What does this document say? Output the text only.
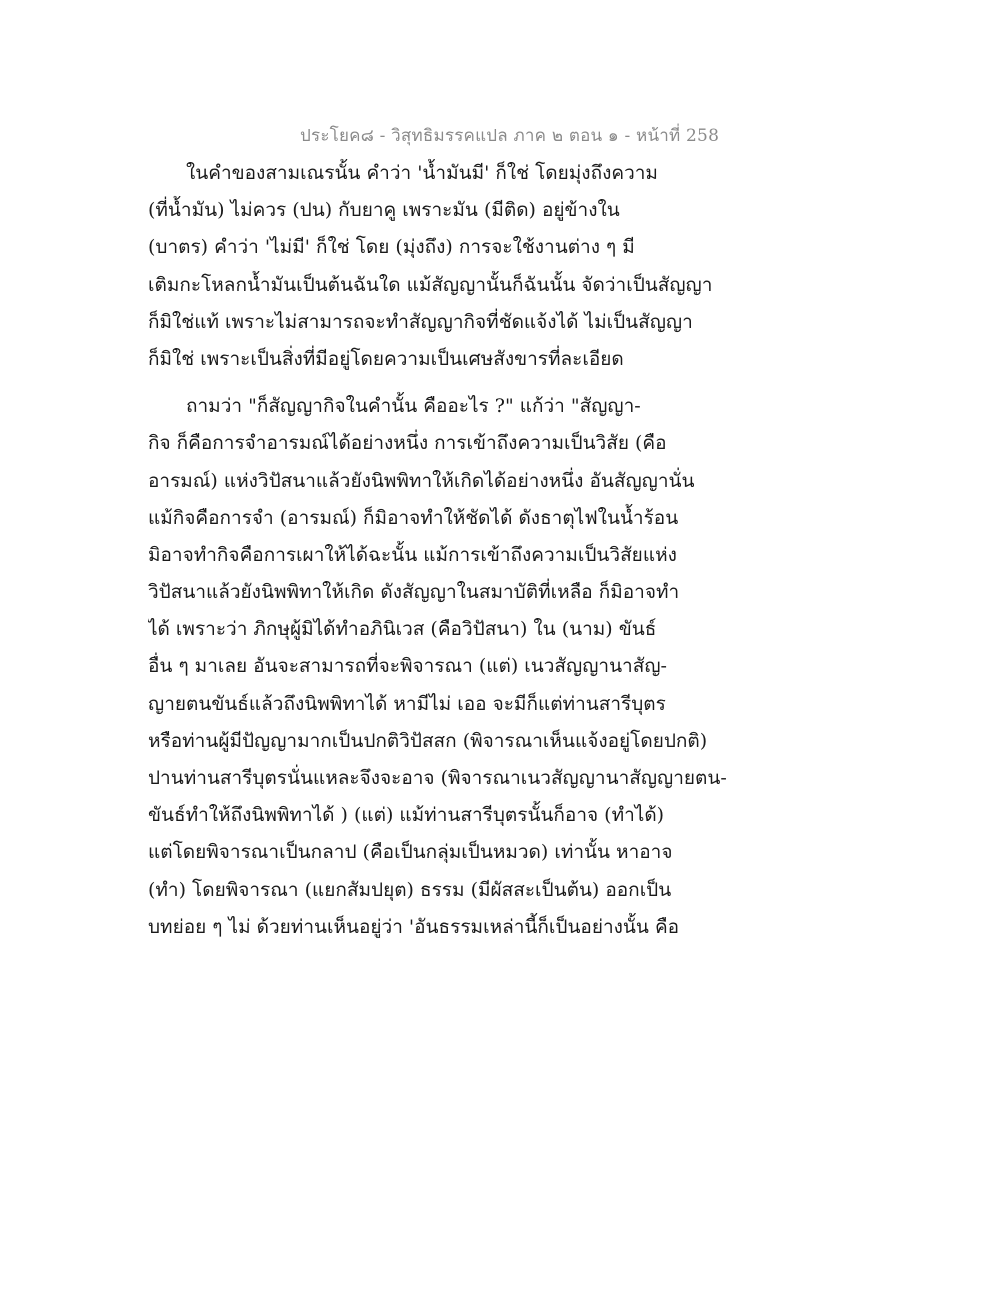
ประโยค๘ - วิสุทธิมรรคแปล ภาค ๒ ตอน ๑ - หน้าที่ 258
ในคำของสามเณรนั้น คำว่า 'น้ำมันมี' ก็ใช่ โดยมุ่งถึงความ
(ที่น้ำมัน) ไม่ควร (ปน) กับยาคู เพราะมัน (มีติด) อยู่ข้างใน
(บาตร) คำว่า 'ไม่มี' ก็ใช่ โดย (มุ่งถึง) การจะใช้งานต่าง ๆ มี
เติมกะโหลกน้ำมันเป็นต้นฉันใด แม้สัญญานั้นก็ฉันนั้น จัดว่าเป็นสัญญา
ก็มิใช่แท้ เพราะไม่สามารถจะทำสัญญากิจที่ชัดแจ้งได้ ไม่เป็นสัญญา
ก็มิใช่ เพราะเป็นสิ่งที่มีอยู่โดยความเป็นเศษสังขารที่ละเอียด
ถามว่า "ก็สัญญากิจในคำนั้น คืออะไร ?" แก้ว่า "สัญญา-
กิจ ก็คือการจำอารมณ์ได้อย่างหนึ่ง การเข้าถึงความเป็นวิสัย (คือ
อารมณ์) แห่งวิปัสนาแล้วยังนิพพิทาให้เกิดได้อย่างหนึ่ง อันสัญญานั่น
แม้กิจคือการจำ (อารมณ์) ก็มิอาจทำให้ชัดได้ ดังธาตุไฟในน้ำร้อน
มิอาจทำกิจคือการเผาให้ได้ฉะนั้น แม้การเข้าถึงความเป็นวิสัยแห่ง
วิปัสนาแล้วยังนิพพิทาให้เกิด ดังสัญญาในสมาบัติที่เหลือ ก็มิอาจทำ
ได้ เพราะว่า ภิกษุผู้มิได้ทำอภินิเวส (คือวิปัสนา) ใน (นาม) ขันธ์
อื่น ๆ มาเลย อันจะสามารถที่จะพิจารณา (แต่) เนวสัญญานาสัญ-
ญายตนขันธ์แล้วถึงนิพพิทาได้ หามีไม่ เออ จะมีก็แต่ท่านสารีบุตร
หรือท่านผู้มีปัญญามากเป็นปกติวิปัสสก (พิจารณาเห็นแจ้งอยู่โดยปกติ)
ปานท่านสารีบุตรนั่นแหละจึงจะอาจ (พิจารณาเนวสัญญานาสัญญายตน-
ขันธ์ทำให้ถึงนิพพิทาได้ ) (แต่) แม้ท่านสารีบุตรนั้นก็อาจ (ทำได้)
แต่โดยพิจารณาเป็นกลาป (คือเป็นกลุ่มเป็นหมวด) เท่านั้น หาอาจ
(ทำ) โดยพิจารณา (แยกสัมปยุต) ธรรม (มีผัสสะเป็นต้น) ออกเป็น
บทย่อย ๆ ไม่ ด้วยท่านเห็นอยู่ว่า 'อันธรรมเหล่านี้ก็เป็นอย่างนั้น คือ
